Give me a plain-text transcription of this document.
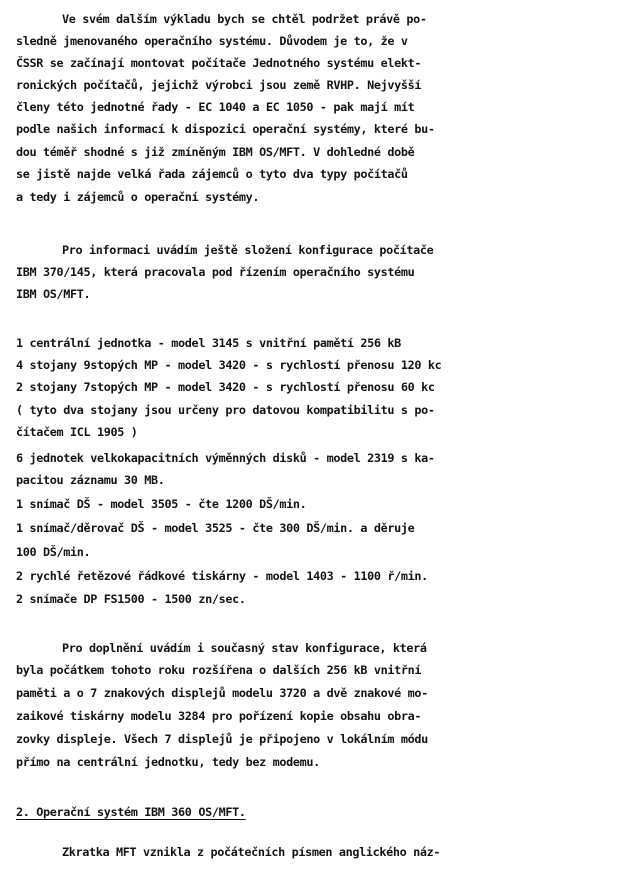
Ve svém dalším výkladu bych se chtěl podržet právě po-
sledně jmenovaného operačního systému. Důvodem je to, že v
ČSSR se začínají montovat počítače Jednotného systému elekt-
ronických počítačů, jejichž výrobci jsou země RVHP. Nejvyšší
členy této jednotné řady - EC 1040 a EC 1050 - pak mají mít
podle našich informací k dispozici operační systémy, které bu-
dou téměř shodné s již zmíněným IBM OS/MFT. V dohledné době
se jistě najde velká řada zájemců o tyto dva typy počítačů
a tedy i zájemců o operační systémy.
Pro informaci uvádím ještě složení konfigurace počítače
IBM 370/145, která pracovala pod řízením operačního systému
IBM OS/MFT.
1 centrální jednotka - model 3145 s vnitřní pamětí 256 kB
4 stojany 9stopých MP - model 3420 - s rychlostí přenosu 120 kc
2 stojany 7stopých MP - model 3420 - s rychlostí přenosu 60 kc
( tyto dva stojany jsou určeny pro datovou kompatibilitu s po-
čítačem ICL 1905 )
6 jednotek velkokapacitních výměnných disků - model 2319 s ka-
pacitou záznamu 30 MB.
1 snímač DŠ - model 3505 - čte 1200 DŠ/min.
1 snímač/děrovač DŠ - model 3525 - čte 300 DŠ/min. a děruje
100 DŠ/min.
2 rychlé řetězové řádkové tiskárny - model 1403 - 1100 ř/min.
2 snímače DP FS1500 - 1500 zn/sec.
Pro doplnění uvádím i současný stav konfigurace, která
byla počátkem tohoto roku rozšířena o dalších 256 kB vnitřní
paměti a o 7 znakových displejů modelu 3720 a dvě znakové mo-
zaikové tiskárny modelu 3284 pro pořízení kopie obsahu obra-
zovky displeje. Všech 7 displejů je připojeno v lokálním módu
přímo na centrální jednotku, tedy bez modemu.
2. Operační systém IBM 360 OS/MFT.
Zkratka MFT vznikla z počátečních písmen anglického náz-
